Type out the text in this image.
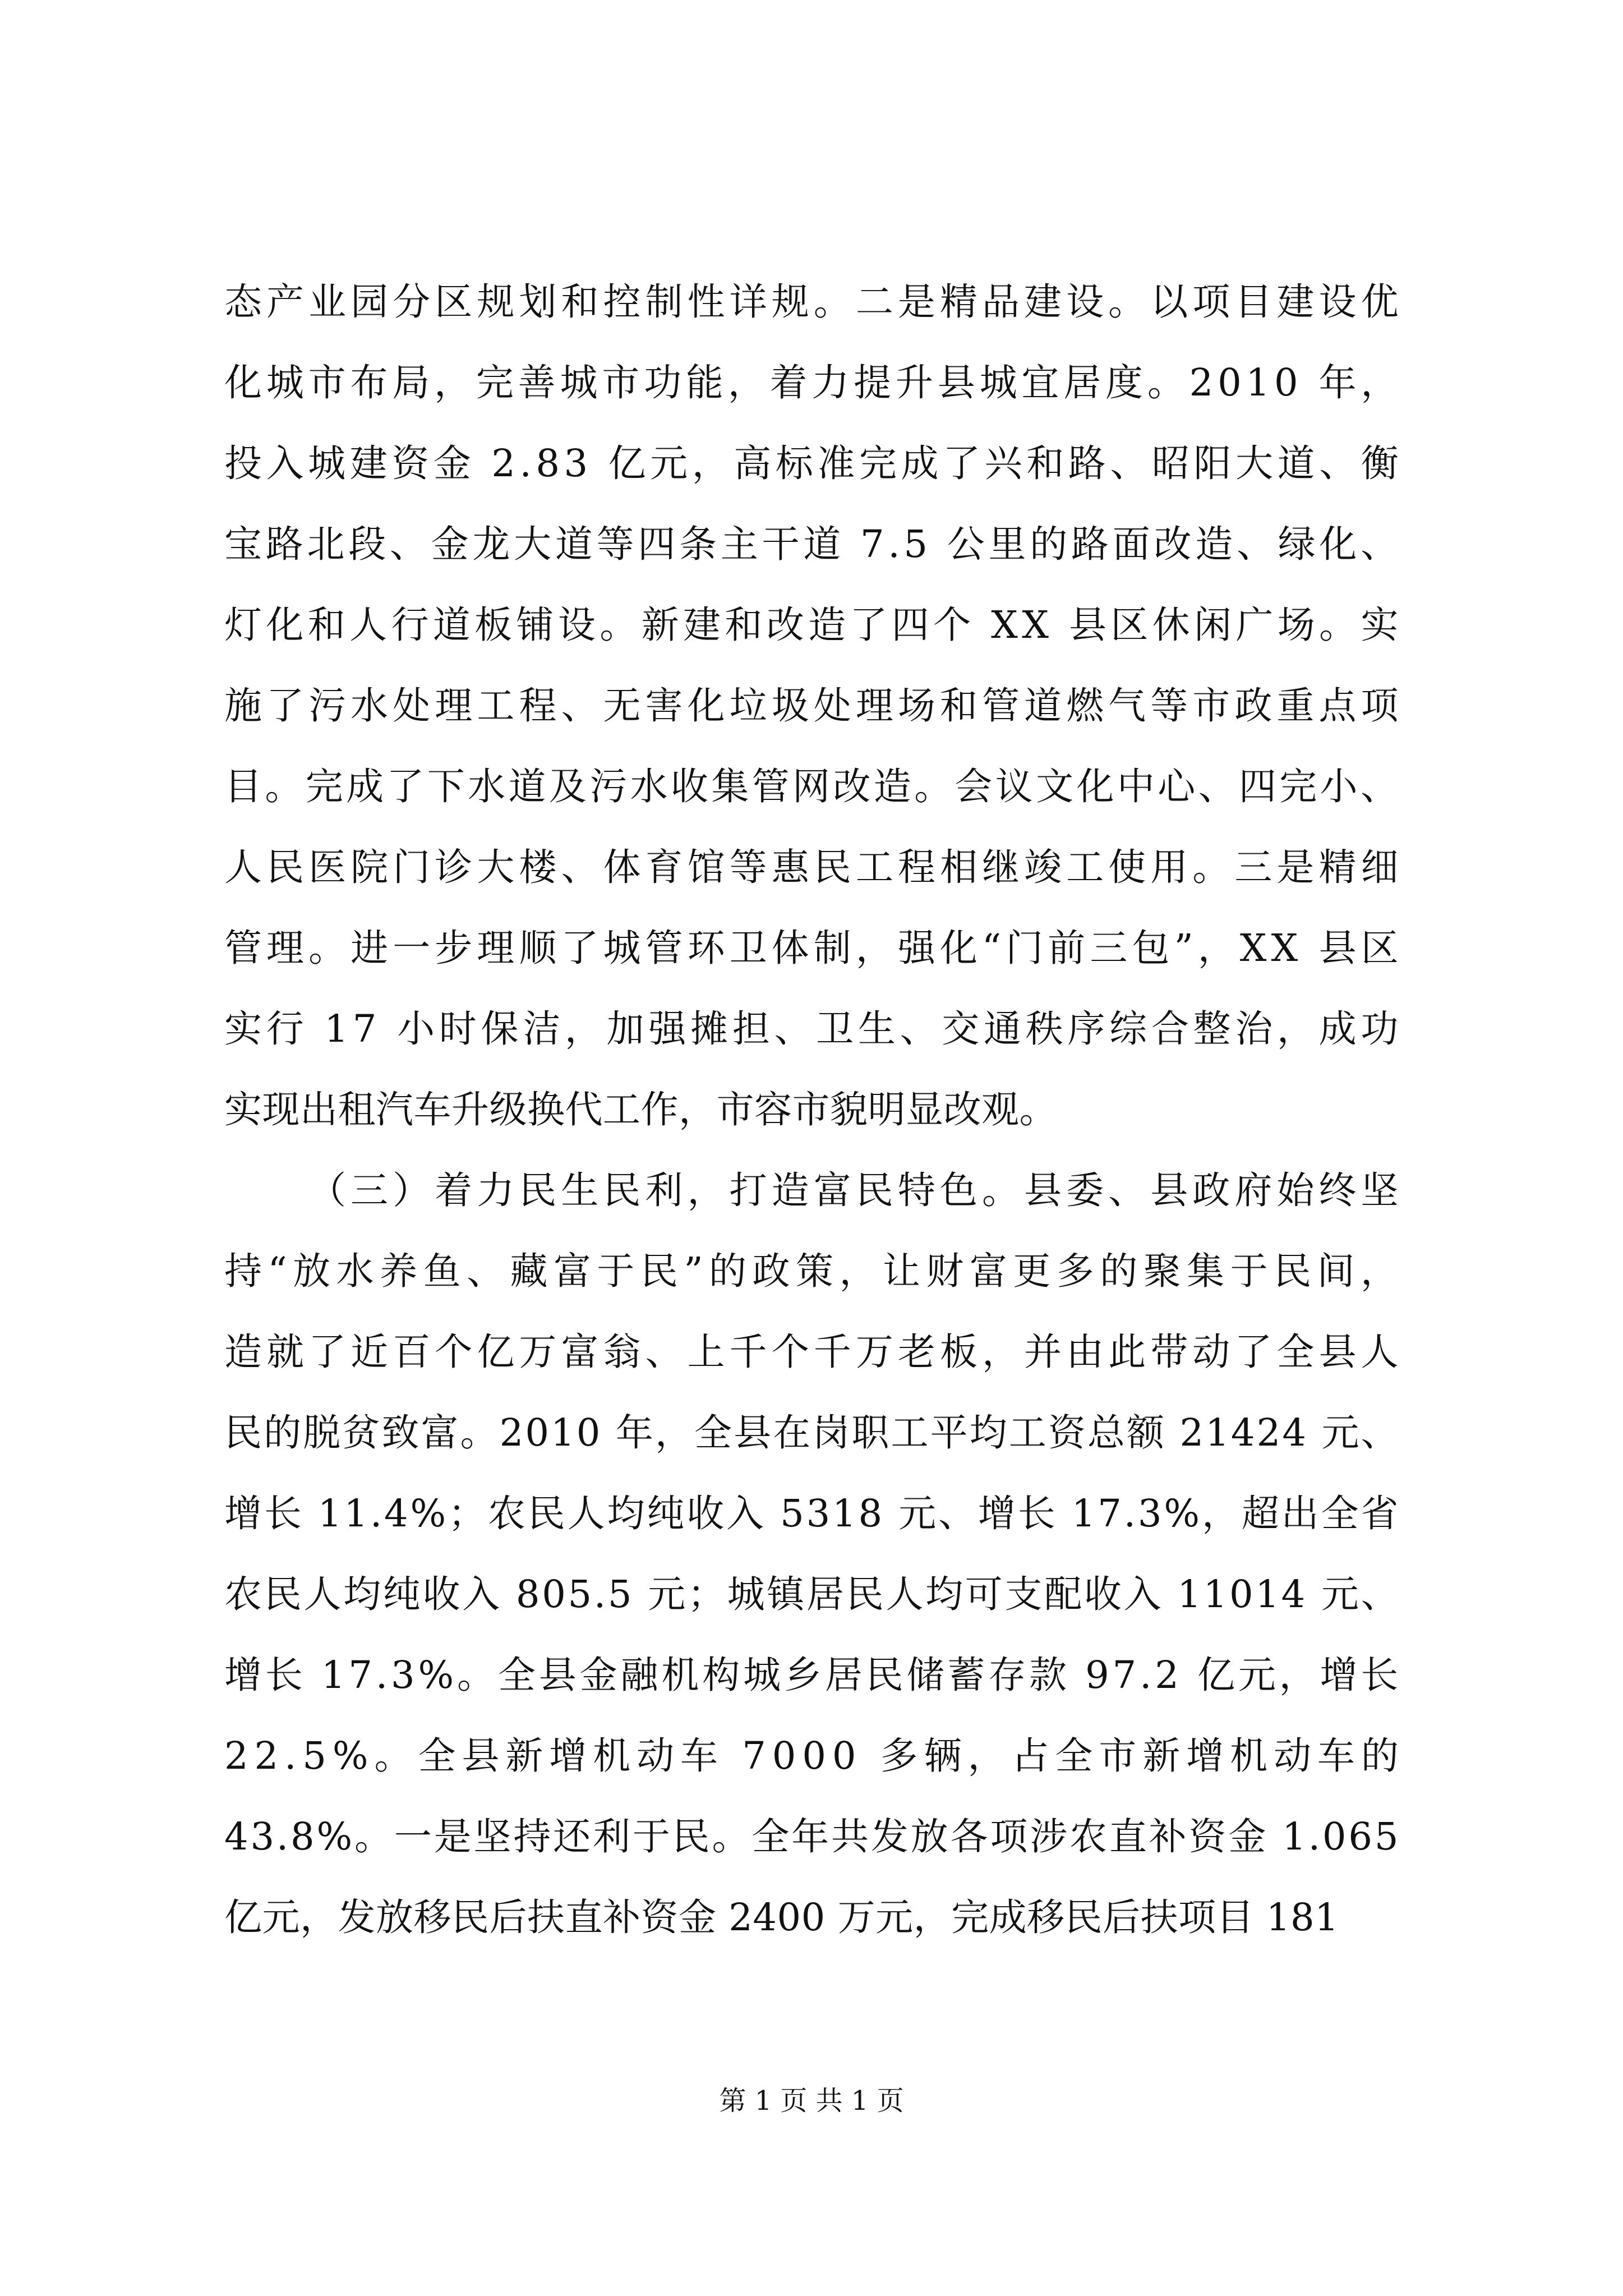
态产业园分区规划和控制性详规。二是精品建设。以项目建设优
化城市布局，完善城市功能，着力提升县城宜居度。2010 年，
投入城建资金 2.83 亿元，高标准完成了兴和路、昭阳大道、衡
宝路北段、金龙大道等四条主干道 7.5 公里的路面改造、绿化、
灯化和人行道板铺设。新建和改造了四个 XX 县区休闲广场。实
施了污水处理工程、无害化垃圾处理场和管道燃气等市政重点项
目。完成了下水道及污水收集管网改造。会议文化中心、四完小、
人民医院门诊大楼、体育馆等惠民工程相继竣工使用。三是精细
管理。进一步理顺了城管环卫体制，强化“门前三包”，XX 县区
实行 17 小时保洁，加强摊担、卫生、交通秩序综合整治，成功
实现出租汽车升级换代工作，市容市貌明显改观。
（三）着力民生民利，打造富民特色。县委、县政府始终坚
持“放水养鱼、藏富于民”的政策，让财富更多的聚集于民间，
造就了近百个亿万富翁、上千个千万老板，并由此带动了全县人
民的脱贫致富。2010 年，全县在岗职工平均工资总额 21424 元、
增长 11.4%；农民人均纯收入 5318 元、增长 17.3%，超出全省
农民人均纯收入 805.5 元；城镇居民人均可支配收入 11014 元、
增长 17.3%。全县金融机构城乡居民储蓄存款 97.2 亿元，增长
22.5%。全县新增机动车 7000 多辆，占全市新增机动车的
43.8%。一是坚持还利于民。全年共发放各项涉农直补资金 1.065
亿元，发放移民后扶直补资金 2400 万元，完成移民后扶项目 181
第 1 页 共 1 页
